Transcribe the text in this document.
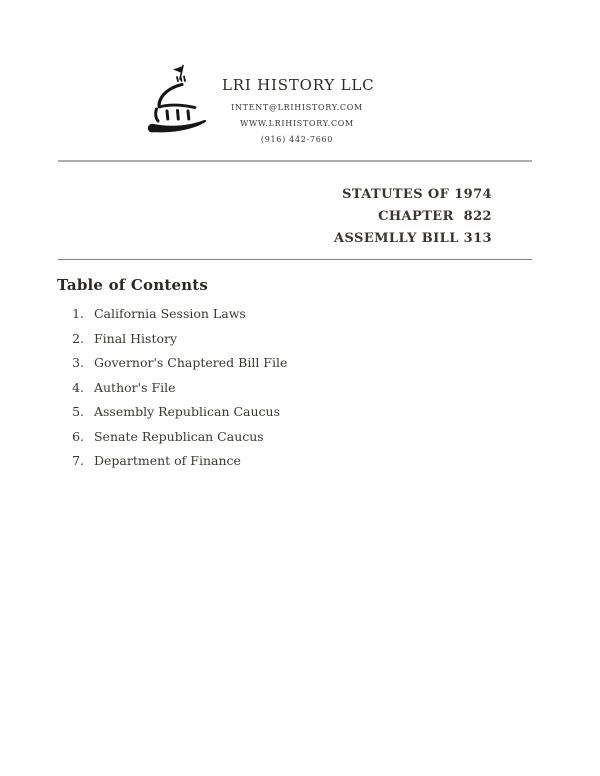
LRI HISTORY LLC
INTENT@LRIHISTORY.COM
WWW.LRIHISTORY.COM
(916) 442-7660
STATUTES OF 1974
CHAPTER  822
ASSEMLLY BILL 313
Table of Contents
1. California Session Laws
2. Final History
3. Governor's Chaptered Bill File
4. Author's File
5. Assembly Republican Caucus
6. Senate Republican Caucus
7. Department of Finance
